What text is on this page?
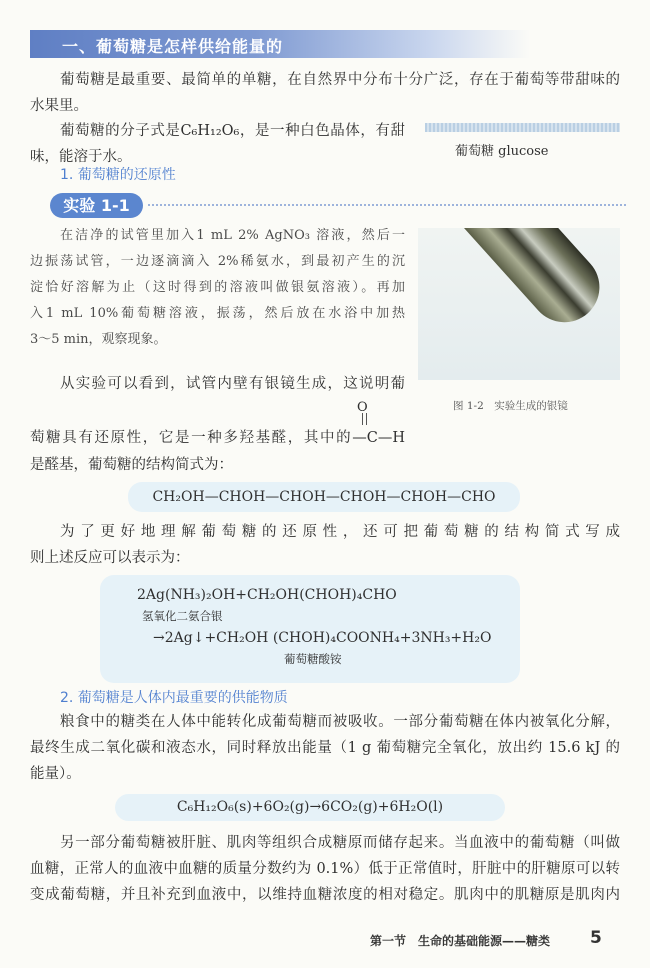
一、葡萄糖是怎样供给能量的
葡萄糖是最重要、最简单的单糖，在自然界中分布十分广泛，存在于葡萄等带甜味的
水果里。
葡萄糖的分子式是C₆H₁₂O₆，是一种白色晶体，有甜
味，能溶于水。	葡萄糖 glucose
1. 葡萄糖的还原性
实验 1-1
在洁净的试管里加入1 mL 2% AgNO₃ 溶液，然后一
边振荡试管，一边逐滴滴入 2%稀氨水，到最初产生的沉
淀恰好溶解为止（这时得到的溶液叫做银氨溶液）。再加
入1 mL 10%葡萄糖溶液，振荡，然后放在水浴中加热
3～5 min，观察现象。
图 1-2　实验生成的银镜
从实验可以看到，试管内壁有银镜生成，这说明葡
O
萄糖具有还原性，它是一种多羟基醛，其中的—C—H
是醛基，葡萄糖的结构简式为：
CH₂OH—CHOH—CHOH—CHOH—CHOH—CHO
为了更好地理解葡萄糖的还原性，还可把葡萄糖的结构简式写成
则上述反应可以表示为：
2Ag(NH₃)₂OH+CH₂OH(CHOH)₄CHO
氢氧化二氨合银
→2Ag↓+CH₂OH (CHOH)₄COONH₄+3NH₃+H₂O
葡萄糖酸铵
2. 葡萄糖是人体内最重要的供能物质
粮食中的糖类在人体中能转化成葡萄糖而被吸收。一部分葡萄糖在体内被氧化分解，
最终生成二氧化碳和液态水，同时释放出能量（1 g 葡萄糖完全氧化，放出约 15.6 kJ 的
能量）。
C₆H₁₂O₆(s)+6O₂(g)→6CO₂(g)+6H₂O(l)
另一部分葡萄糖被肝脏、肌肉等组织合成糖原而储存起来。当血液中的葡萄糖（叫做
血糖，正常人的血液中血糖的质量分数约为 0.1%）低于正常值时，肝脏中的肝糖原可以转
变成葡萄糖，并且补充到血液中，以维持血糖浓度的相对稳定。肌肉中的肌糖原是肌肉内
第一节　生命的基础能源——糖类 5
